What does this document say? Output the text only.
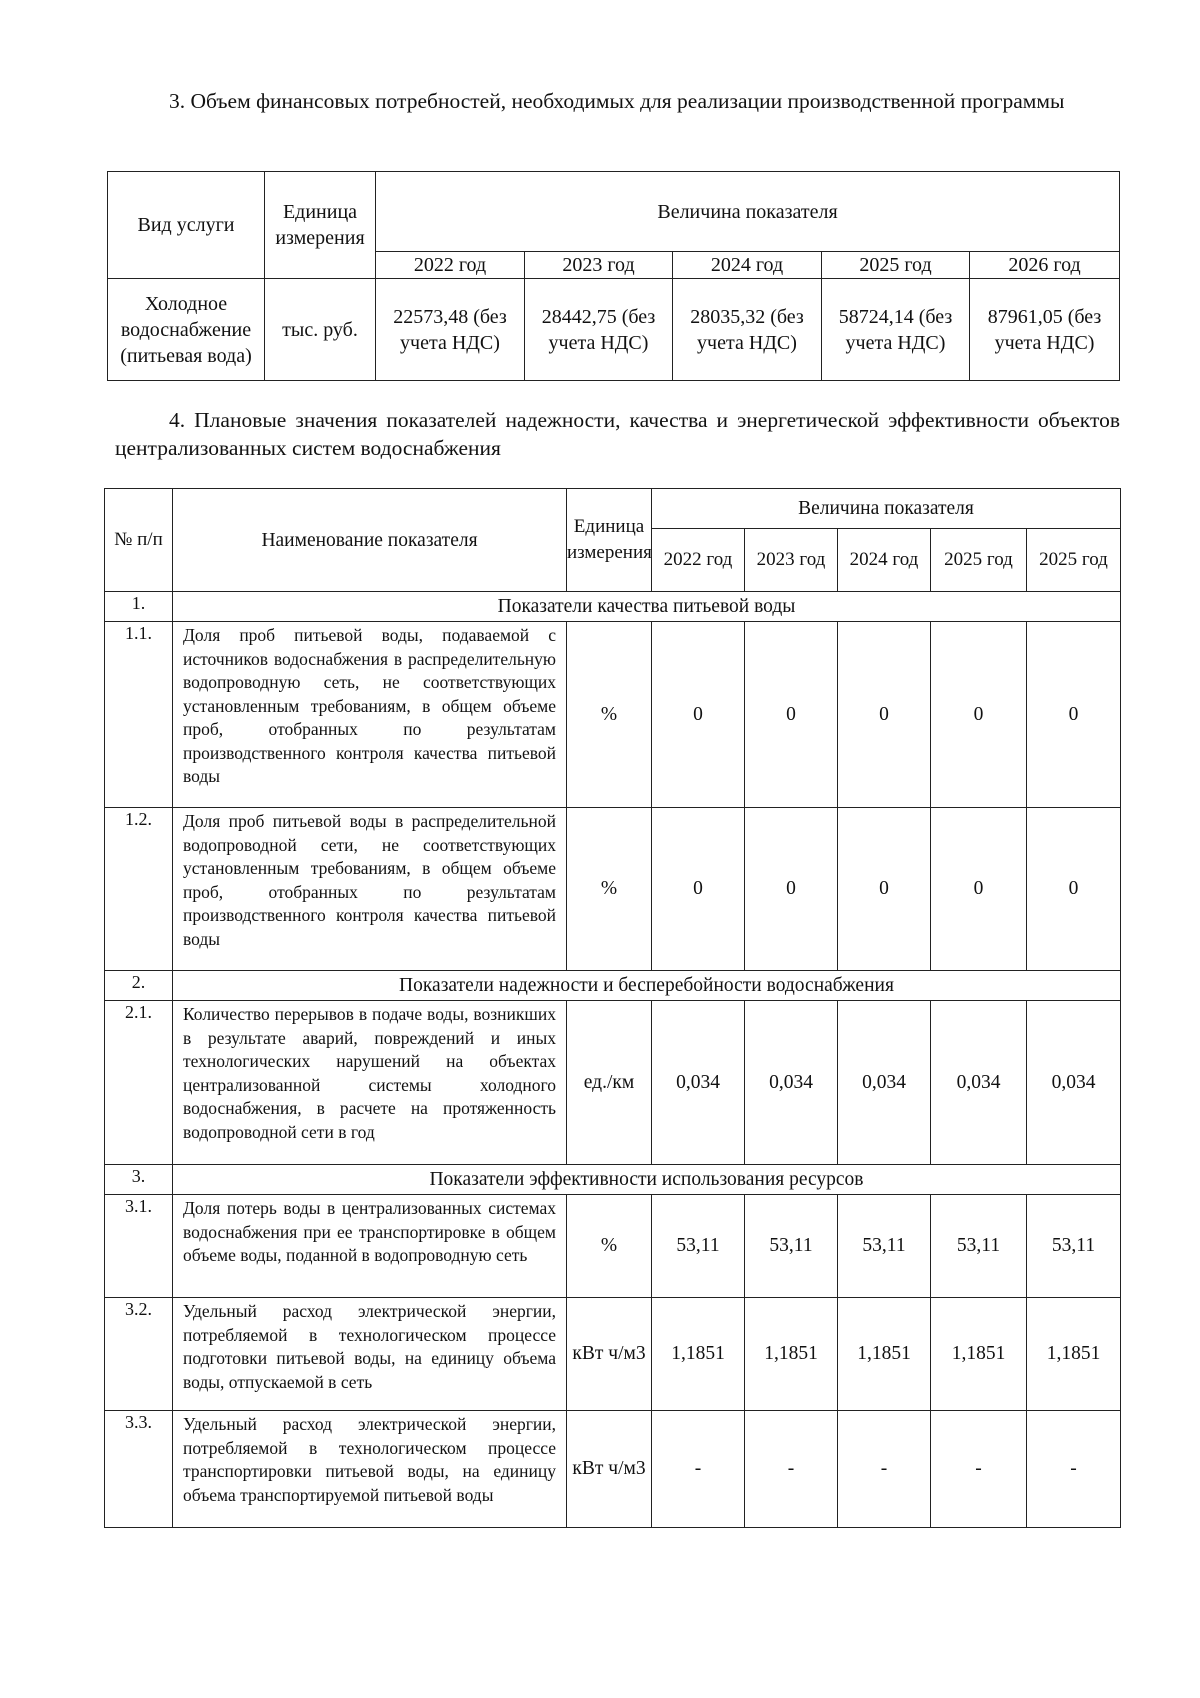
3. Объем финансовых потребностей, необходимых для реализации производственной программы

Вид услуги	Единица измерения	Величина показателя				
		2022 год	2023 год	2024 год	2025 год	2026 год
Холодное водоснабжение (питьевая вода)	тыс. руб.	22573,48 (без учета НДС)	28442,75 (без учета НДС)	28035,32 (без учета НДС)	58724,14 (без учета НДС)	87961,05 (без учета НДС)

4. Плановые значения показателей надежности, качества и энергетической эффективности объектов централизованных систем водоснабжения

№ п/п	Наименование показателя	Единица измерения	Величина показателя				
			2022 год	2023 год	2024 год	2025 год	2025 год
1.	Показатели качества питьевой воды						
1.1.	Доля проб питьевой воды, подаваемой с источников водоснабжения в распределительную водопроводную сеть, не соответствующих установленным требованиям, в общем объеме проб, отобранных по результатам производственного контроля качества питьевой воды	%	0	0	0	0	0
1.2.	Доля проб питьевой воды в распределительной водопроводной сети, не соответствующих установленным требованиям, в общем объеме проб, отобранных по результатам производственного контроля качества питьевой воды	%	0	0	0	0	0
2.	Показатели надежности и бесперебойности водоснабжения						
2.1.	Количество перерывов в подаче воды, возникших в результате аварий, повреждений и иных технологических нарушений на объектах централизованной системы холодного водоснабжения, в расчете на протяженность водопроводной сети в год	ед./км	0,034	0,034	0,034	0,034	0,034
3.	Показатели эффективности использования ресурсов						
3.1.	Доля потерь воды в централизованных системах водоснабжения при ее транспортировке в общем объеме воды, поданной в водопроводную сеть	%	53,11	53,11	53,11	53,11	53,11
3.2.	Удельный расход электрической энергии, потребляемой в технологическом процессе подготовки питьевой воды, на единицу объема воды, отпускаемой в сеть	кВт ч/м3	1,1851	1,1851	1,1851	1,1851	1,1851
3.3.	Удельный расход электрической энергии, потребляемой в технологическом процессе транспортировки питьевой воды, на единицу объема транспортируемой питьевой воды	кВт ч/м3	-	-	-	-	-
